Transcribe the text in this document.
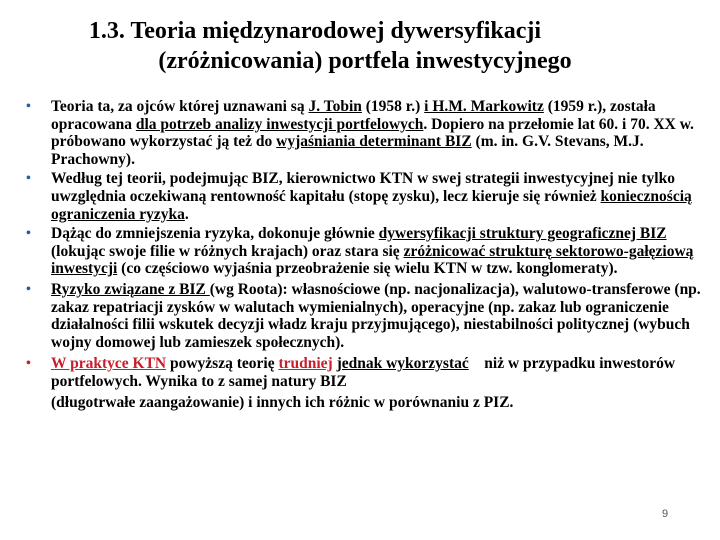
1.3. Teoria międzynarodowej dywersyfikacji
(zróżnicowania) portfela inwestycyjnego
• Teoria ta, za ojców której uznawani są J. Tobin (1958 r.) i H.M. Markowitz (1959 r.), została opracowana dla potrzeb analizy inwestycji portfelowych. Dopiero na przełomie lat 60. i 70. XX w. próbowano wykorzystać ją też do wyjaśniania determinant BIZ (m. in. G.V. Stevans, M.J. Prachowny).
• Według tej teorii, podejmując BIZ, kierownictwo KTN w swej strategii inwestycyjnej nie tylko uwzględnia oczekiwaną rentowność kapitału (stopę zysku), lecz kieruje się również koniecznością ograniczenia ryzyka.
• Dążąc do zmniejszenia ryzyka, dokonuje głównie dywersyfikacji struktury geograficznej BIZ (lokując swoje filie w różnych krajach) oraz stara się zróżnicować strukturę sektorowo-gałęziową inwestycji (co częściowo wyjaśnia przeobrażenie się wielu KTN w tzw. konglomeraty).
• Ryzyko związane z BIZ (wg Roota): własnościowe (np. nacjonalizacja), walutowo-transferowe (np. zakaz repatriacji zysków w walutach wymienialnych), operacyjne (np. zakaz lub ograniczenie działalności filii wskutek decyzji władz kraju przyjmującego), niestabilności politycznej (wybuch wojny domowej lub zamieszek społecznych).
• W praktyce KTN powyższą teorię trudniej jednak wykorzystać    niż w przypadku inwestorów portfelowych. Wynika to z samej natury BIZ
(długotrwałe zaangażowanie) i innych ich różnic w porównaniu z PIZ.
9
